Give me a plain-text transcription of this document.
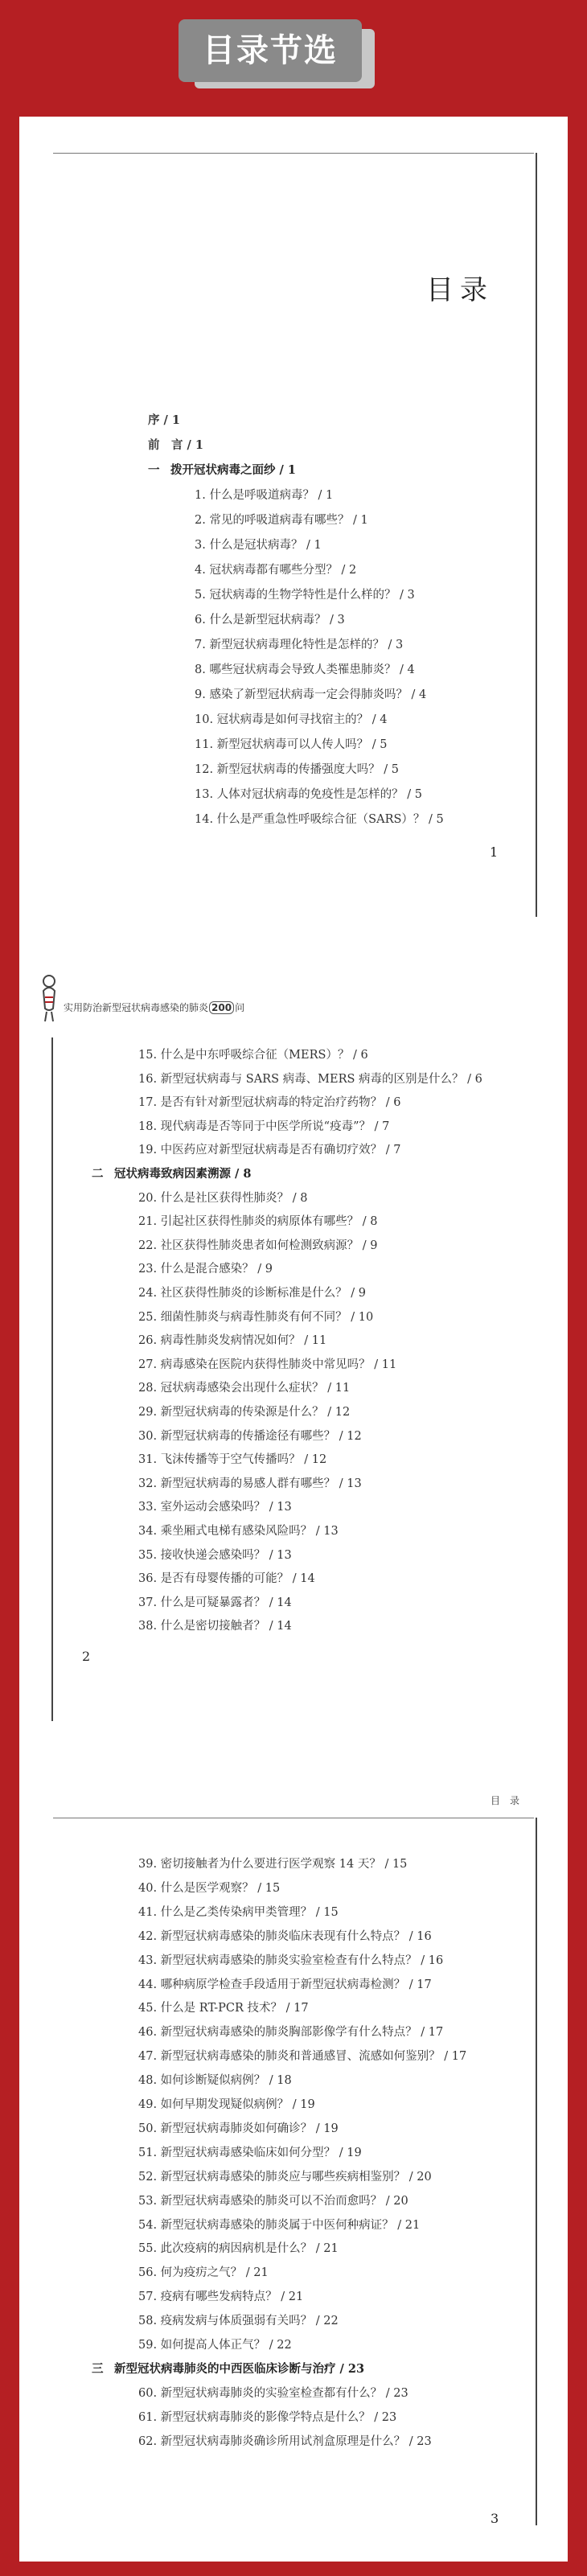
目录节选
目录
序 / 1
前　言 / 1
一 拨开冠状病毒之面纱 / 1
1. 什么是呼吸道病毒？ / 1
2. 常见的呼吸道病毒有哪些？ / 1
3. 什么是冠状病毒？ / 1
4. 冠状病毒都有哪些分型？ / 2
5. 冠状病毒的生物学特性是什么样的？ / 3
6. 什么是新型冠状病毒？ / 3
7. 新型冠状病毒理化特性是怎样的？ / 3
8. 哪些冠状病毒会导致人类罹患肺炎？ / 4
9. 感染了新型冠状病毒一定会得肺炎吗？ / 4
10. 冠状病毒是如何寻找宿主的？ / 4
11. 新型冠状病毒可以人传人吗？ / 5
12. 新型冠状病毒的传播强度大吗？ / 5
13. 人体对冠状病毒的免疫性是怎样的？ / 5
14. 什么是严重急性呼吸综合征（SARS）？ / 5
1
实用防治新型冠状病毒感染的肺炎 200 问
15. 什么是中东呼吸综合征（MERS）？ / 6
16. 新型冠状病毒与 SARS 病毒、MERS 病毒的区别是什么？ / 6
17. 是否有针对新型冠状病毒的特定治疗药物？ / 6
18. 现代病毒是否等同于中医学所说“疫毒”？ / 7
19. 中医药应对新型冠状病毒是否有确切疗效？ / 7
二 冠状病毒致病因素溯源 / 8
20. 什么是社区获得性肺炎？ / 8
21. 引起社区获得性肺炎的病原体有哪些？ / 8
22. 社区获得性肺炎患者如何检测致病源？ / 9
23. 什么是混合感染？ / 9
24. 社区获得性肺炎的诊断标准是什么？ / 9
25. 细菌性肺炎与病毒性肺炎有何不同？ / 10
26. 病毒性肺炎发病情况如何？ / 11
27. 病毒感染在医院内获得性肺炎中常见吗？ / 11
28. 冠状病毒感染会出现什么症状？ / 11
29. 新型冠状病毒的传染源是什么？ / 12
30. 新型冠状病毒的传播途径有哪些？ / 12
31. 飞沫传播等于空气传播吗？ / 12
32. 新型冠状病毒的易感人群有哪些？ / 13
33. 室外运动会感染吗？ / 13
34. 乘坐厢式电梯有感染风险吗？ / 13
35. 接收快递会感染吗？ / 13
36. 是否有母婴传播的可能？ / 14
37. 什么是可疑暴露者？ / 14
38. 什么是密切接触者？ / 14
2
目　录
39. 密切接触者为什么要进行医学观察 14 天？ / 15
40. 什么是医学观察？ / 15
41. 什么是乙类传染病甲类管理？ / 15
42. 新型冠状病毒感染的肺炎临床表现有什么特点？ / 16
43. 新型冠状病毒感染的肺炎实验室检查有什么特点？ / 16
44. 哪种病原学检查手段适用于新型冠状病毒检测？ / 17
45. 什么是 RT-PCR 技术？ / 17
46. 新型冠状病毒感染的肺炎胸部影像学有什么特点？ / 17
47. 新型冠状病毒感染的肺炎和普通感冒、流感如何鉴别？ / 17
48. 如何诊断疑似病例？ / 18
49. 如何早期发现疑似病例？ / 19
50. 新型冠状病毒肺炎如何确诊？ / 19
51. 新型冠状病毒感染临床如何分型？ / 19
52. 新型冠状病毒感染的肺炎应与哪些疾病相鉴别？ / 20
53. 新型冠状病毒感染的肺炎可以不治而愈吗？ / 20
54. 新型冠状病毒感染的肺炎属于中医何种病证？ / 21
55. 此次疫病的病因病机是什么？ / 21
56. 何为疫疠之气？ / 21
57. 疫病有哪些发病特点？ / 21
58. 疫病发病与体质强弱有关吗？ / 22
59. 如何提高人体正气？ / 22
三 新型冠状病毒肺炎的中西医临床诊断与治疗 / 23
60. 新型冠状病毒肺炎的实验室检查都有什么？ / 23
61. 新型冠状病毒肺炎的影像学特点是什么？ / 23
62. 新型冠状病毒肺炎确诊所用试剂盒原理是什么？ / 23
3
